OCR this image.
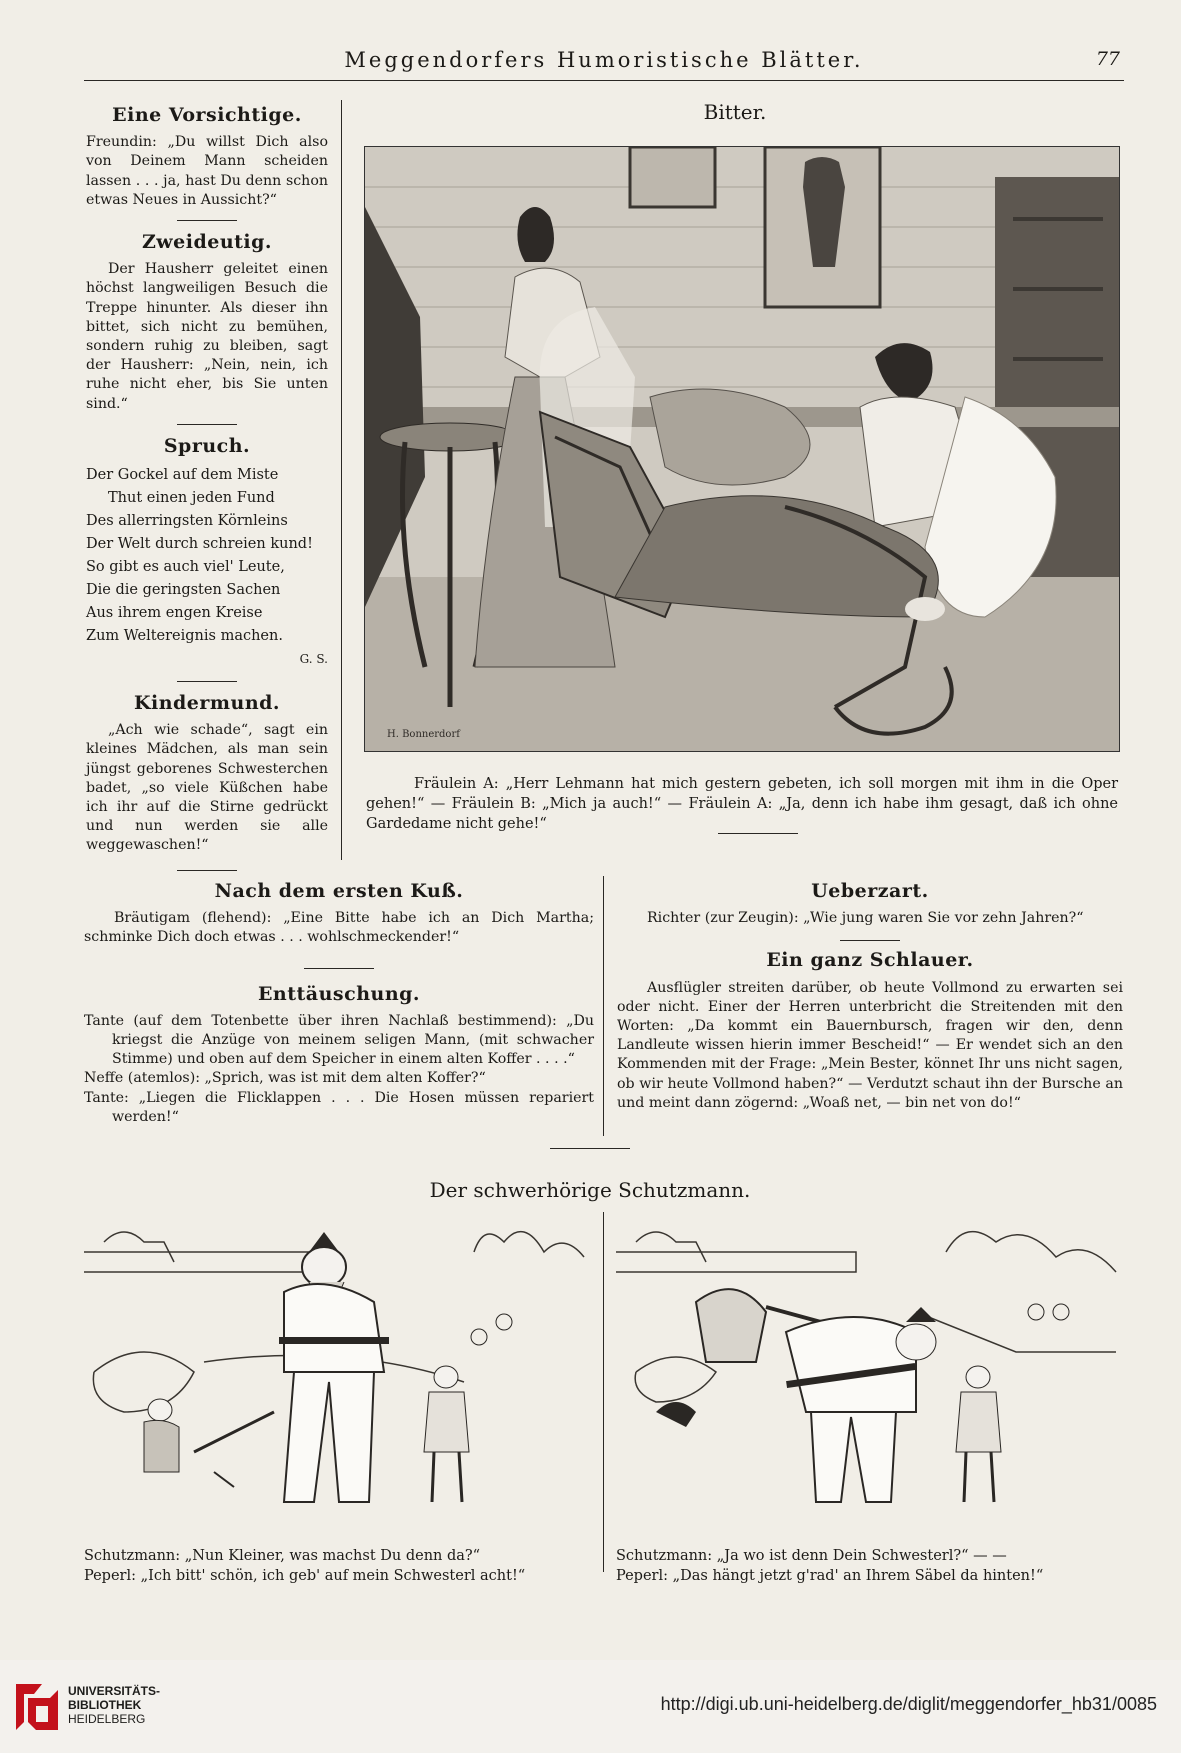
Meggendorfers Humoristische Blätter.	77
Eine Vorsichtige.

Freundin: „Du willst Dich also von Deinem Mann scheiden lassen . . . ja, hast Du denn schon etwas Neues in Aussicht?“

Zweideutig.

Der Hausherr geleitet einen höchst langweiligen Besuch die Treppe hinunter. Als dieser ihn bittet, sich nicht zu bemühen, sondern ruhig zu bleiben, sagt der Hausherr: „Nein, nein, ich ruhe nicht eher, bis Sie unten sind.“

Spruch.
Der Gockel auf dem Miste
Thut einen jeden Fund
Des allerringsten Körnleins
Der Welt durch schreien kund!
So gibt es auch viel' Leute,
Die die geringsten Sachen
Aus ihrem engen Kreise
Zum Weltereignis machen.
G. S.
Kindermund.

„Ach wie schade“, sagt ein kleines Mädchen, als man sein jüngst geborenes Schwesterchen badet, „so viele Küßchen habe ich ihr auf die Stirne gedrückt und nun werden sie alle weggewaschen!“

Bitter.
H. Bonnerdorf
Fräulein A: „Herr Lehmann hat mich gestern gebeten, ich soll morgen mit ihm in die Oper gehen!“ — Fräulein B: „Mich ja auch!“ — Fräulein A: „Ja, denn ich habe ihm gesagt, daß ich ohne Gardedame nicht gehe!“
Nach dem ersten Kuß.

Bräutigam (flehend): „Eine Bitte habe ich an Dich Martha; schminke Dich doch etwas . . . wohlschmeckender!“

Enttäuschung.

Tante (auf dem Totenbette über ihren Nachlaß bestimmend): „Du kriegst die Anzüge von meinem seligen Mann, (mit schwacher Stimme) und oben auf dem Speicher in einem alten Koffer . . . .“

Neffe (atemlos): „Sprich, was ist mit dem alten Koffer?“

Tante: „Liegen die Flicklappen . . . Die Hosen müssen repariert werden!“

Ueberzart.

Richter (zur Zeugin): „Wie jung waren Sie vor zehn Jahren?“

Ein ganz Schlauer.

Ausflügler streiten darüber, ob heute Vollmond zu erwarten sei oder nicht. Einer der Herren unterbricht die Streitenden mit den Worten: „Da kommt ein Bauernbursch, fragen wir den, denn Landleute wissen hierin immer Bescheid!“ — Er wendet sich an den Kommenden mit der Frage: „Mein Bester, könnet Ihr uns nicht sagen, ob wir heute Vollmond haben?“ — Verdutzt schaut ihn der Bursche an und meint dann zögernd: „Woaß net, — bin net von do!“

Der schwerhörige Schutzmann.
Schutzmann: „Nun Kleiner, was machst Du denn da?“
Peperl: „Ich bitt' schön, ich geb' auf mein Schwesterl acht!“
Schutzmann: „Ja wo ist denn Dein Schwesterl?“ — —
Peperl: „Das hängt jetzt g'rad' an Ihrem Säbel da hinten!“
UNIVERSITÄTS-
BIBLIOTHEK
HEIDELBERG
http://digi.ub.uni-heidelberg.de/diglit/meggendorfer_hb31/0085
